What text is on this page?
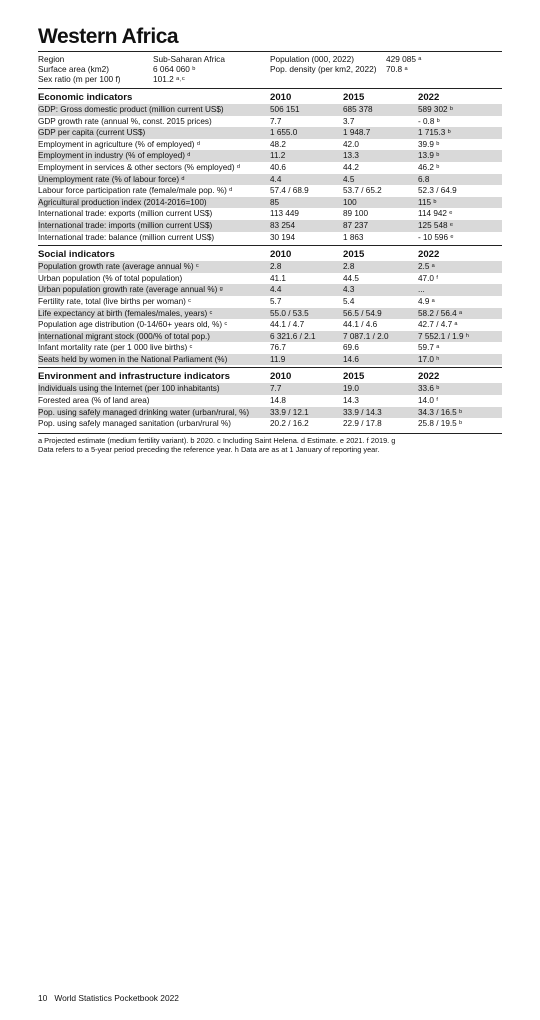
Western Africa
Region	Sub-Saharan Africa	Population (000, 2022)	429 085 ᵃ
Surface area (km2)	6 064 060 ᵇ	Pop. density (per km2, 2022) 70.8 ᵃ
Sex ratio (m per 100 f)	101.2 ᵃ˒ᶜ
Economic indicators	2010	2015	2022
GDP: Gross domestic product (million current US$)	506 151	685 378	589 302 ᵇ
GDP growth rate (annual %, const. 2015 prices)	7.7	3.7	- 0.8 ᵇ
GDP per capita (current US$)	1 655.0	1 948.7	1 715.3 ᵇ
Employment in agriculture (% of employed) ᵈ	48.2	42.0	39.9 ᵇ
Employment in industry (% of employed) ᵈ	11.2	13.3	13.9 ᵇ
Employment in services & other sectors (% employed) ᵈ	40.6	44.2	46.2 ᵇ
Unemployment rate (% of labour force) ᵈ	4.4	4.5	6.8
Labour force participation rate (female/male pop. %) ᵈ	57.4 / 68.9	53.7 / 65.2	52.3 / 64.9
Agricultural production index (2014-2016=100)	85	100	115 ᵇ
International trade: exports (million current US$)	113 449	89 100	114 942 ᵉ
International trade: imports (million current US$)	83 254	87 237	125 548 ᵉ
International trade: balance (million current US$)	30 194	1 863	- 10 596 ᵉ
Social indicators	2010	2015	2022
Population growth rate (average annual %) ᶜ	2.8	2.8	2.5 ᵃ
Urban population (% of total population)	41.1	44.5	47.0 ᶠ
Urban population growth rate (average annual %) ᶢ	4.4	4.3	...
Fertility rate, total (live births per woman) ᶜ	5.7	5.4	4.9 ᵃ
Life expectancy at birth (females/males, years) ᶜ	55.0 / 53.5	56.5 / 54.9	58.2 / 56.4 ᵃ
Population age distribution (0-14/60+ years old, %) ᶜ	44.1 / 4.7	44.1 / 4.6	42.7 / 4.7 ᵃ
International migrant stock (000/% of total pop.)	6 321.6 / 2.1	7 087.1 / 2.0	7 552.1 / 1.9 ʰ
Infant mortality rate (per 1 000 live births) ᶜ	76.7	69.6	59.7 ᵃ
Seats held by women in the National Parliament (%)	11.9	14.6	17.0 ʰ
Environment and infrastructure indicators	2010	2015	2022
Individuals using the Internet (per 100 inhabitants)	7.7	19.0	33.6 ᵇ
Forested area (% of land area)	14.8	14.3	14.0 ᶠ
Pop. using safely managed drinking water (urban/rural, %)	33.9 / 12.1	33.9 / 14.3	34.3 / 16.5 ᵇ
Pop. using safely managed sanitation (urban/rural %)	20.2 / 16.2	22.9 / 17.8	25.8 / 19.5 ᵇ
a Projected estimate (medium fertility variant). b 2020. c Including Saint Helena. d Estimate. e 2021. f 2019. g
Data refers to a 5-year period preceding the reference year. h Data are as at 1 January of reporting year.
10 World Statistics Pocketbook 2022
